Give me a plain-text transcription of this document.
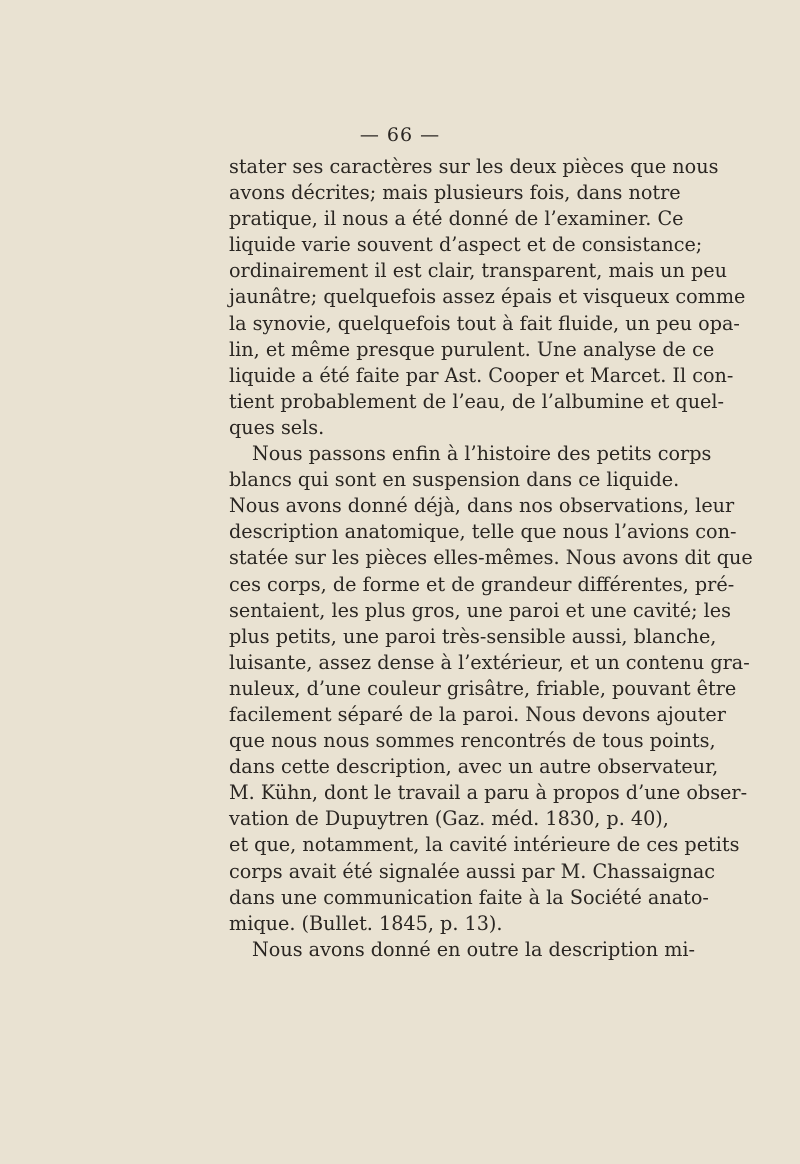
— 66 —
stater ses caractères sur les deux pièces que nous
avons décrites; mais plusieurs fois, dans notre
pratique, il nous a été donné de l’examiner. Ce
liquide varie souvent d’aspect et de consistance;
ordinairement il est clair, transparent, mais un peu
jaunâtre; quelquefois assez épais et visqueux comme
la synovie, quelquefois tout à fait fluide, un peu opa-
lin, et même presque purulent. Une analyse de ce
liquide a été faite par Ast. Cooper et Marcet. Il con-
tient probablement de l’eau, de l’albumine et quel-
ques sels.
Nous passons enfin à l’histoire des petits corps
blancs qui sont en suspension dans ce liquide.
Nous avons donné déjà, dans nos observations, leur
description anatomique, telle que nous l’avions con-
statée sur les pièces elles-mêmes. Nous avons dit que
ces corps, de forme et de grandeur différentes, pré-
sentaient, les plus gros, une paroi et une cavité; les
plus petits, une paroi très-sensible aussi, blanche,
luisante, assez dense à l’extérieur, et un contenu gra-
nuleux, d’une couleur grisâtre, friable, pouvant être
facilement séparé de la paroi. Nous devons ajouter
que nous nous sommes rencontrés de tous points,
dans cette description, avec un autre observateur,
M. Kühn, dont le travail a paru à propos d’une obser-
vation de Dupuytren (Gaz. méd. 1830, p. 40),
et que, notamment, la cavité intérieure de ces petits
corps avait été signalée aussi par M. Chassaignac
dans une communication faite à la Société anato-
mique. (Bullet. 1845, p. 13).
Nous avons donné en outre la description mi-
